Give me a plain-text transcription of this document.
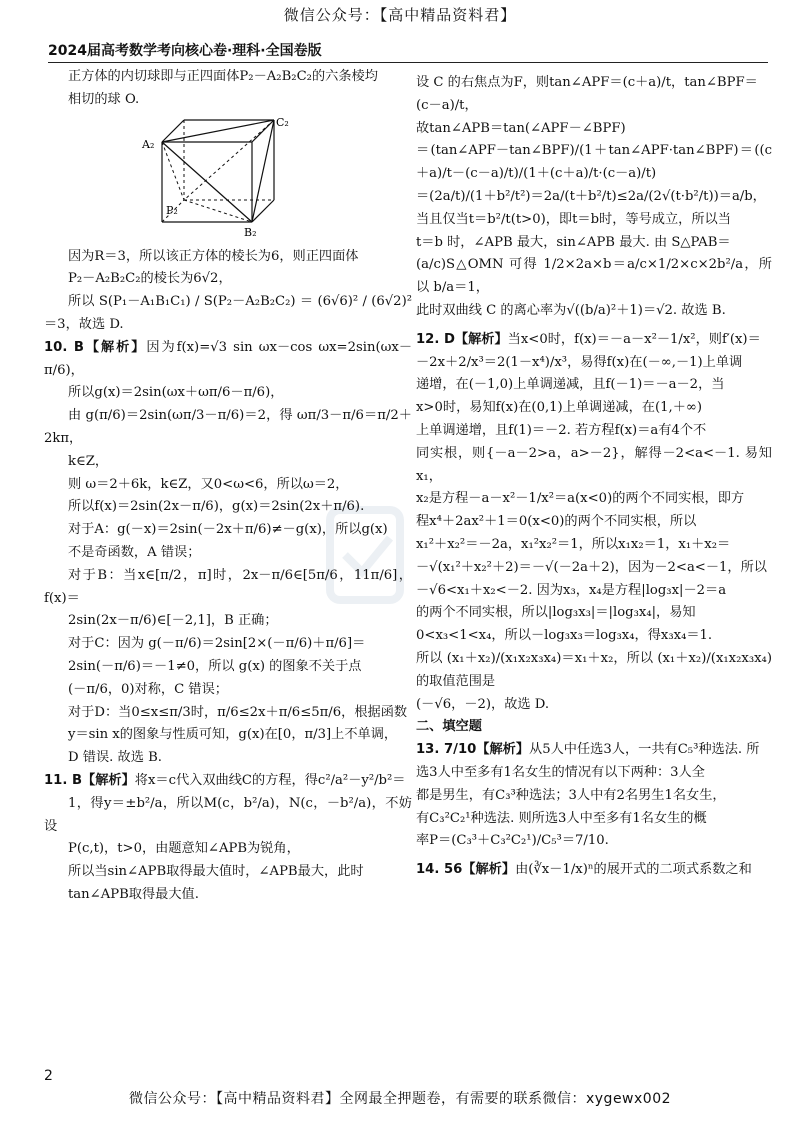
微信公众号：【高中精品资料君】
2024届高考数学考向核心卷·理科·全国卷版

正方体的内切球即与正四面体P₂－A₂B₂C₂的六条棱均

相切的球 O.

A₂
C₂
P₂
B₂

因为R＝3，所以该正方体的棱长为6，则正四面体

P₂－A₂B₂C₂的棱长为6√2，

所以 S(P₁－A₁B₁C₁) / S(P₂－A₂B₂C₂) ＝ (6√6)² / (6√2)² ＝3，故选 D.

10. B【解析】因为f(x)=√3 sin ωx－cos ωx=2sin(ωx－π/6)，

所以g(x)＝2sin(ωx＋ωπ/6－π/6)，

由 g(π/6)＝2sin(ωπ/3－π/6)＝2，得 ωπ/3－π/6＝π/2＋2kπ，

k∈Z，

则 ω＝2＋6k，k∈Z，又0<ω<6，所以ω＝2，

所以f(x)＝2sin(2x－π/6)，g(x)＝2sin(2x＋π/6).

对于A：g(－x)＝2sin(－2x＋π/6)≠－g(x)，所以g(x)

不是奇函数，A 错误；

对于B：当x∈[π/2，π]时，2x－π/6∈[5π/6，11π/6]，f(x)＝

2sin(2x－π/6)∈[－2,1]，B 正确；

对于C：因为 g(－π/6)＝2sin[2×(－π/6)＋π/6]＝

2sin(－π/6)＝－1≠0，所以 g(x) 的图象不关于点

(－π/6，0)对称，C 错误；

对于D：当0≤x≤π/3时，π/6≤2x＋π/6≤5π/6，根据函数

y＝sin x的图象与性质可知，g(x)在[0，π/3]上不单调，

D 错误. 故选 B.

11. B【解析】将x＝c代入双曲线C的方程，得c²/a²－y²/b²＝

1，得y＝±b²/a，所以M(c，b²/a)，N(c，－b²/a)，不妨设

P(c,t)，t>0，由题意知∠APB为锐角，

所以当sin∠APB取得最大值时，∠APB最大，此时

tan∠APB取得最大值.

设 C 的右焦点为F，则tan∠APF＝(c＋a)/t，tan∠BPF＝

(c－a)/t，

故tan∠APB＝tan(∠APF－∠BPF)

＝(tan∠APF－tan∠BPF)/(1＋tan∠APF·tan∠BPF)＝((c＋a)/t－(c－a)/t)/(1＋(c＋a)/t·(c－a)/t)

＝(2a/t)/(1＋b²/t²)＝2a/(t＋b²/t)≤2a/(2√(t·b²/t))＝a/b，

当且仅当t＝b²/t(t>0)，即t＝b时，等号成立，所以当

t＝b 时，∠APB 最大，sin∠APB 最大. 由 S△PAB＝

(a/c)S△OMN 可得 1/2×2a×b＝a/c×1/2×c×2b²/a，所以 b/a＝1，

此时双曲线 C 的离心率为√((b/a)²＋1)＝√2. 故选 B.

12. D【解析】当x<0时，f(x)＝－a－x²－1/x²，则f′(x)＝

－2x＋2/x³＝2(1－x⁴)/x³，易得f(x)在(－∞,－1)上单调

递增，在(－1,0)上单调递减，且f(－1)＝－a－2，当

x>0时，易知f(x)在(0,1)上单调递减，在(1,＋∞)

上单调递增，且f(1)＝－2. 若方程f(x)＝a有4个不

同实根，则{－a－2>a，a>－2}，解得－2<a<－1. 易知x₁，

x₂是方程－a－x²－1/x²＝a(x<0)的两个不同实根，即方

程x⁴＋2ax²＋1＝0(x<0)的两个不同实根，所以

x₁²＋x₂²＝－2a，x₁²x₂²＝1，所以x₁x₂＝1，x₁＋x₂＝

－√(x₁²＋x₂²＋2)＝－√(－2a＋2)，因为－2<a<－1，所以

－√6<x₁＋x₂<－2. 因为x₃，x₄是方程|log₃x|－2＝a

的两个不同实根，所以|log₃x₃|＝|log₃x₄|，易知

0<x₃<1<x₄，所以－log₃x₃＝log₃x₄，得x₃x₄＝1.

所以 (x₁＋x₂)/(x₁x₂x₃x₄)＝x₁＋x₂，所以 (x₁＋x₂)/(x₁x₂x₃x₄) 的取值范围是

(－√6，－2)，故选 D.

二、填空题

13. 7/10【解析】从5人中任选3人，一共有C₅³种选法. 所

选3人中至多有1名女生的情况有以下两种：3人全

都是男生，有C₃³种选法；3人中有2名男生1名女生，

有C₃²C₂¹种选法. 则所选3人中至多有1名女生的概

率P＝(C₃³＋C₃²C₂¹)/C₅³＝7/10.

14. 56【解析】由(∛x－1/x)ⁿ的展开式的二项式系数之和

2
微信公众号：【高中精品资料君】全网最全押题卷，有需要的联系微信：xygewx002
